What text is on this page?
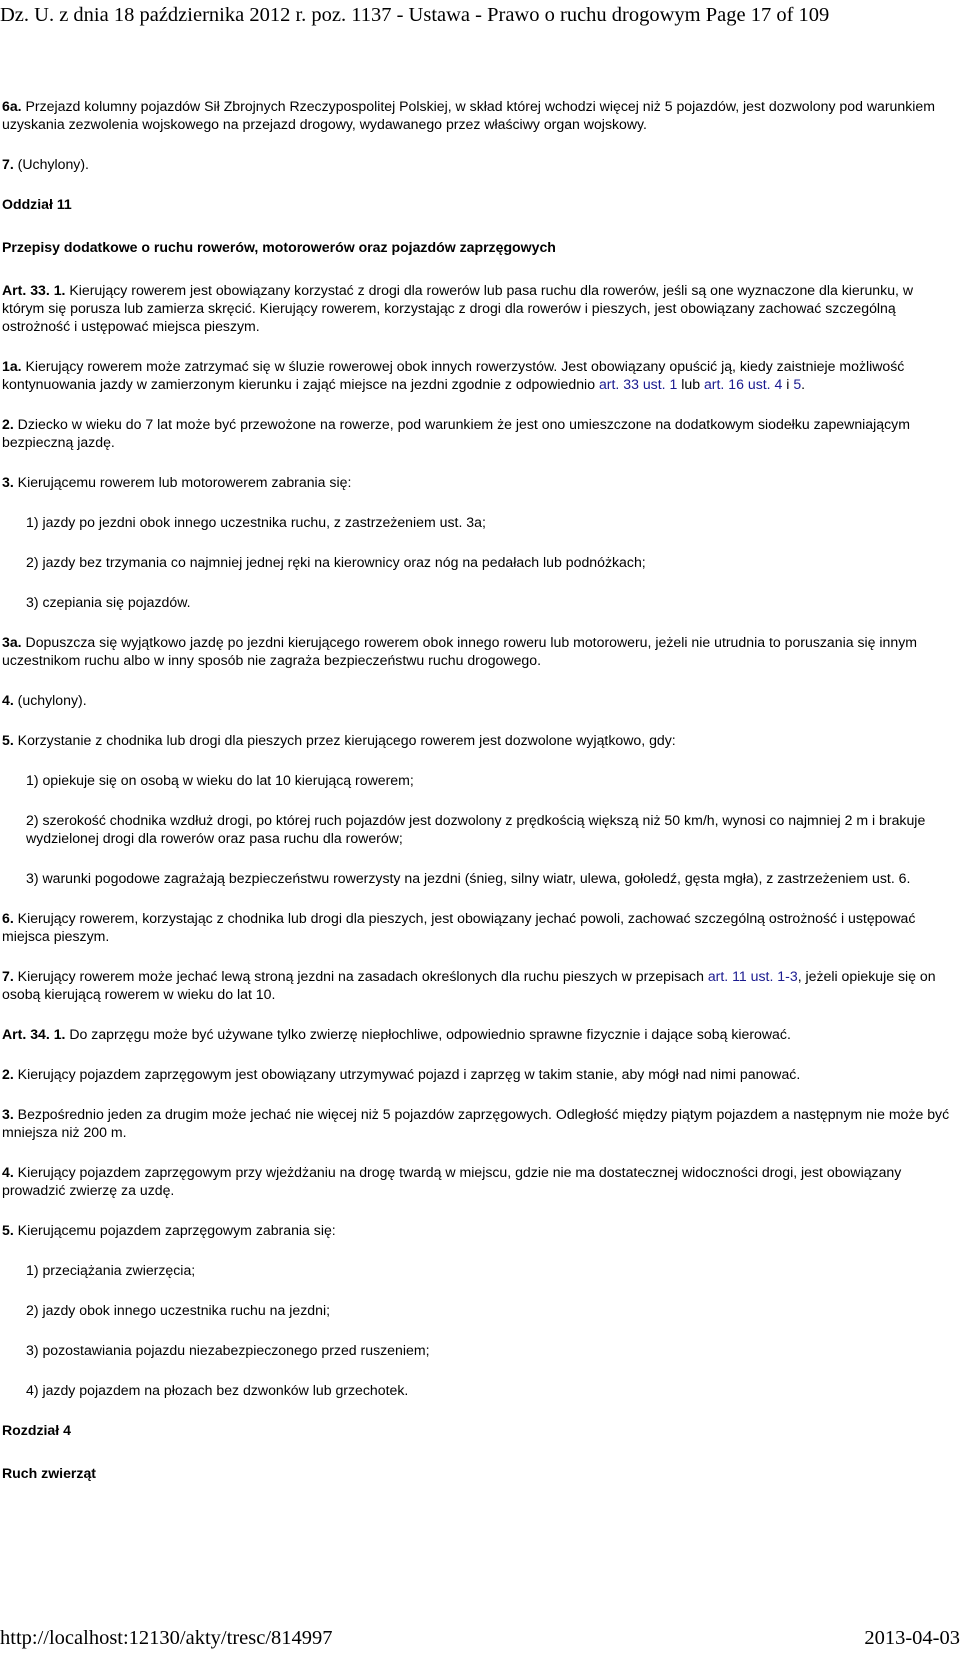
Dz. U. z dnia 18 października 2012 r. poz. 1137 - Ustawa - Prawo o ruchu drogowym Page 17 of 109

6a. Przejazd kolumny pojazdów Sił Zbrojnych Rzeczypospolitej Polskiej, w skład której wchodzi więcej niż 5 pojazdów, jest dozwolony pod warunkiem uzyskania zezwolenia wojskowego na przejazd drogowy, wydawanego przez właściwy organ wojskowy.

7. (Uchylony).

Oddział 11

Przepisy dodatkowe o ruchu rowerów, motorowerów oraz pojazdów zaprzęgowych

Art. 33. 1. Kierujący rowerem jest obowiązany korzystać z drogi dla rowerów lub pasa ruchu dla rowerów, jeśli są one wyznaczone dla kierunku, w którym się porusza lub zamierza skręcić. Kierujący rowerem, korzystając z drogi dla rowerów i pieszych, jest obowiązany zachować szczególną ostrożność i ustępować miejsca pieszym.

1a. Kierujący rowerem może zatrzymać się w śluzie rowerowej obok innych rowerzystów. Jest obowiązany opuścić ją, kiedy zaistnieje możliwość kontynuowania jazdy w zamierzonym kierunku i zająć miejsce na jezdni zgodnie z odpowiednio art. 33 ust. 1 lub art. 16 ust. 4 i 5.

2. Dziecko w wieku do 7 lat może być przewożone na rowerze, pod warunkiem że jest ono umieszczone na dodatkowym siodełku zapewniającym bezpieczną jazdę.

3. Kierującemu rowerem lub motorowerem zabrania się:

1) jazdy po jezdni obok innego uczestnika ruchu, z zastrzeżeniem ust. 3a;

2) jazdy bez trzymania co najmniej jednej ręki na kierownicy oraz nóg na pedałach lub podnóżkach;

3) czepiania się pojazdów.

3a. Dopuszcza się wyjątkowo jazdę po jezdni kierującego rowerem obok innego roweru lub motoroweru, jeżeli nie utrudnia to poruszania się innym uczestnikom ruchu albo w inny sposób nie zagraża bezpieczeństwu ruchu drogowego.

4. (uchylony).

5. Korzystanie z chodnika lub drogi dla pieszych przez kierującego rowerem jest dozwolone wyjątkowo, gdy:

1) opiekuje się on osobą w wieku do lat 10 kierującą rowerem;

2) szerokość chodnika wzdłuż drogi, po której ruch pojazdów jest dozwolony z prędkością większą niż 50 km/h, wynosi co najmniej 2 m i brakuje wydzielonej drogi dla rowerów oraz pasa ruchu dla rowerów;

3) warunki pogodowe zagrażają bezpieczeństwu rowerzysty na jezdni (śnieg, silny wiatr, ulewa, gołoledź, gęsta mgła), z zastrzeżeniem ust. 6.

6. Kierujący rowerem, korzystając z chodnika lub drogi dla pieszych, jest obowiązany jechać powoli, zachować szczególną ostrożność i ustępować miejsca pieszym.

7. Kierujący rowerem może jechać lewą stroną jezdni na zasadach określonych dla ruchu pieszych w przepisach art. 11 ust. 1-3, jeżeli opiekuje się on osobą kierującą rowerem w wieku do lat 10.

Art. 34. 1. Do zaprzęgu może być używane tylko zwierzę niepłochliwe, odpowiednio sprawne fizycznie i dające sobą kierować.

2. Kierujący pojazdem zaprzęgowym jest obowiązany utrzymywać pojazd i zaprzęg w takim stanie, aby mógł nad nimi panować.

3. Bezpośrednio jeden za drugim może jechać nie więcej niż 5 pojazdów zaprzęgowych. Odległość między piątym pojazdem a następnym nie może być mniejsza niż 200 m.

4. Kierujący pojazdem zaprzęgowym przy wjeżdżaniu na drogę twardą w miejscu, gdzie nie ma dostatecznej widoczności drogi, jest obowiązany prowadzić zwierzę za uzdę.

5. Kierującemu pojazdem zaprzęgowym zabrania się:

1) przeciążania zwierzęcia;

2) jazdy obok innego uczestnika ruchu na jezdni;

3) pozostawiania pojazdu niezabezpieczonego przed ruszeniem;

4) jazdy pojazdem na płozach bez dzwonków lub grzechotek.

Rozdział 4

Ruch zwierząt

http://localhost:12130/akty/tresc/814997	2013-04-03
